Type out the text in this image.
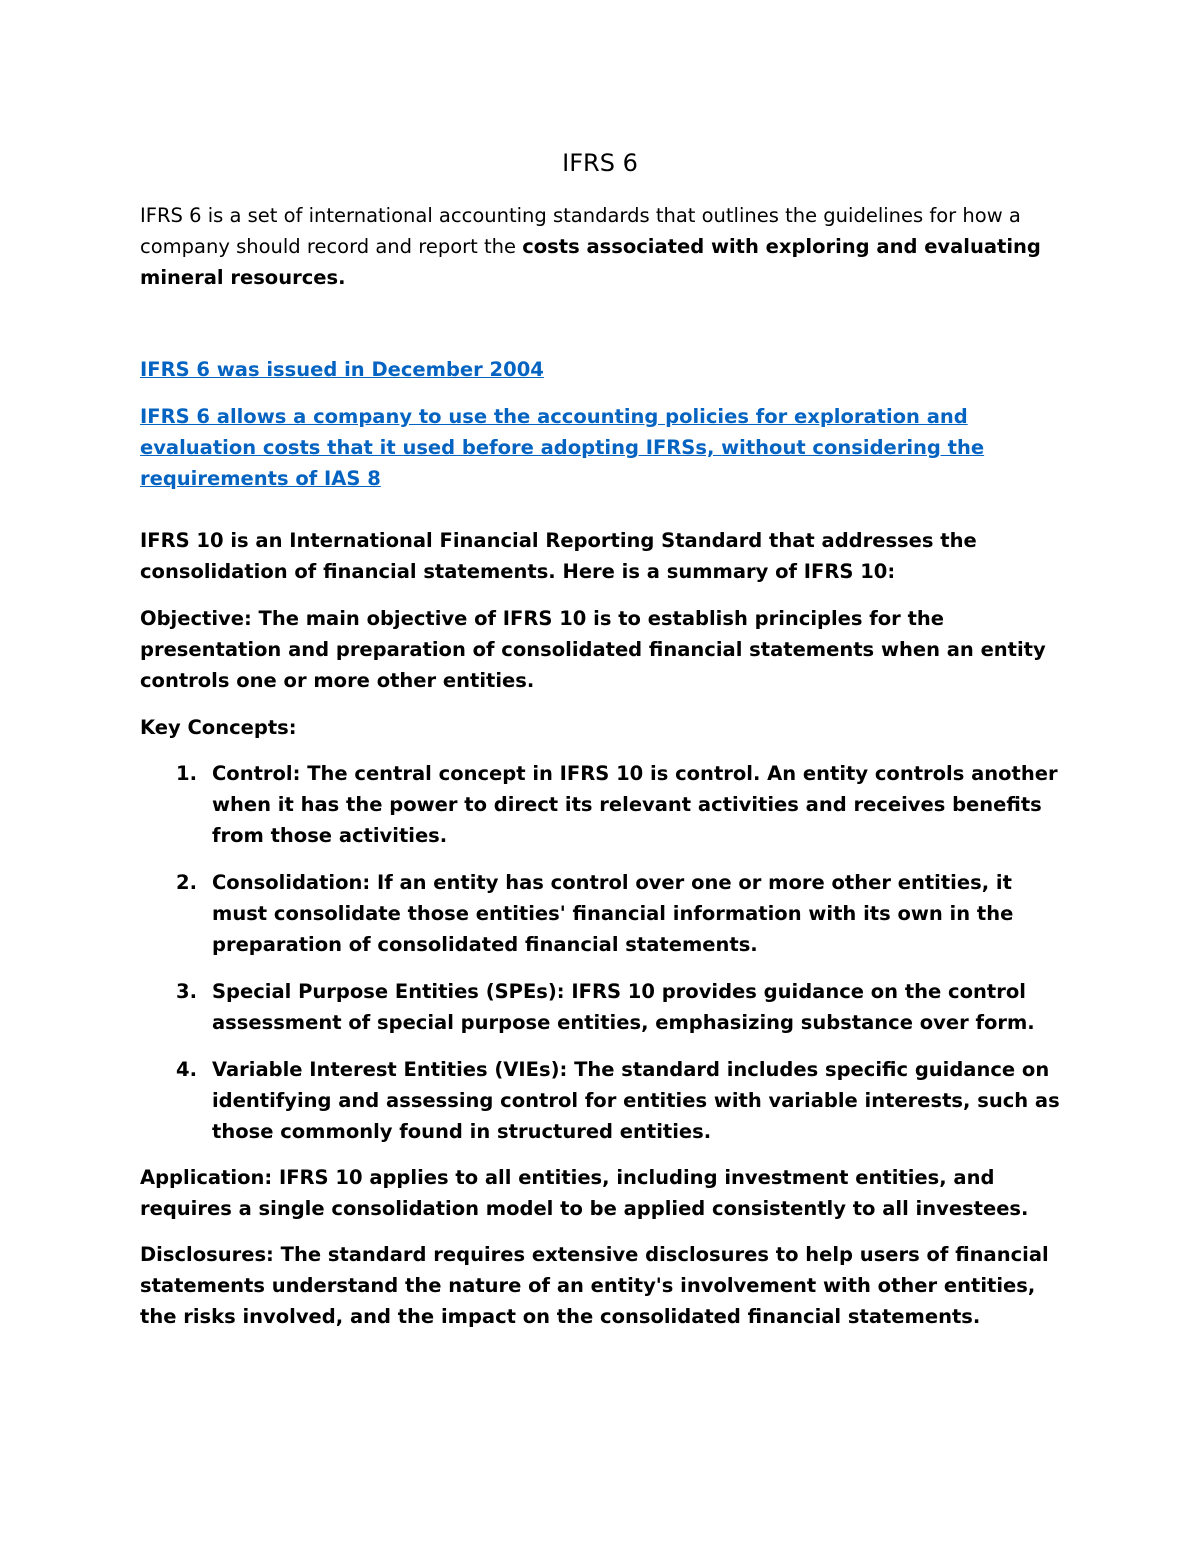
IFRS 6

IFRS 6 is a set of international accounting standards that outlines the guidelines for how a company should record and report the costs associated with exploring and evaluating mineral resources.

IFRS 6 was issued in December 2004

IFRS 6 allows a company to use the accounting policies for exploration and evaluation costs that it used before adopting IFRSs, without considering the requirements of IAS 8

IFRS 10 is an International Financial Reporting Standard that addresses the consolidation of financial statements. Here is a summary of IFRS 10:

Objective: The main objective of IFRS 10 is to establish principles for the presentation and preparation of consolidated financial statements when an entity controls one or more other entities.

Key Concepts:

1. Control: The central concept in IFRS 10 is control. An entity controls another when it has the power to direct its relevant activities and receives benefits from those activities.
2. Consolidation: If an entity has control over one or more other entities, it must consolidate those entities' financial information with its own in the preparation of consolidated financial statements.
3. Special Purpose Entities (SPEs): IFRS 10 provides guidance on the control assessment of special purpose entities, emphasizing substance over form.
4. Variable Interest Entities (VIEs): The standard includes specific guidance on identifying and assessing control for entities with variable interests, such as those commonly found in structured entities.

Application: IFRS 10 applies to all entities, including investment entities, and requires a single consolidation model to be applied consistently to all investees.

Disclosures: The standard requires extensive disclosures to help users of financial statements understand the nature of an entity's involvement with other entities, the risks involved, and the impact on the consolidated financial statements.
